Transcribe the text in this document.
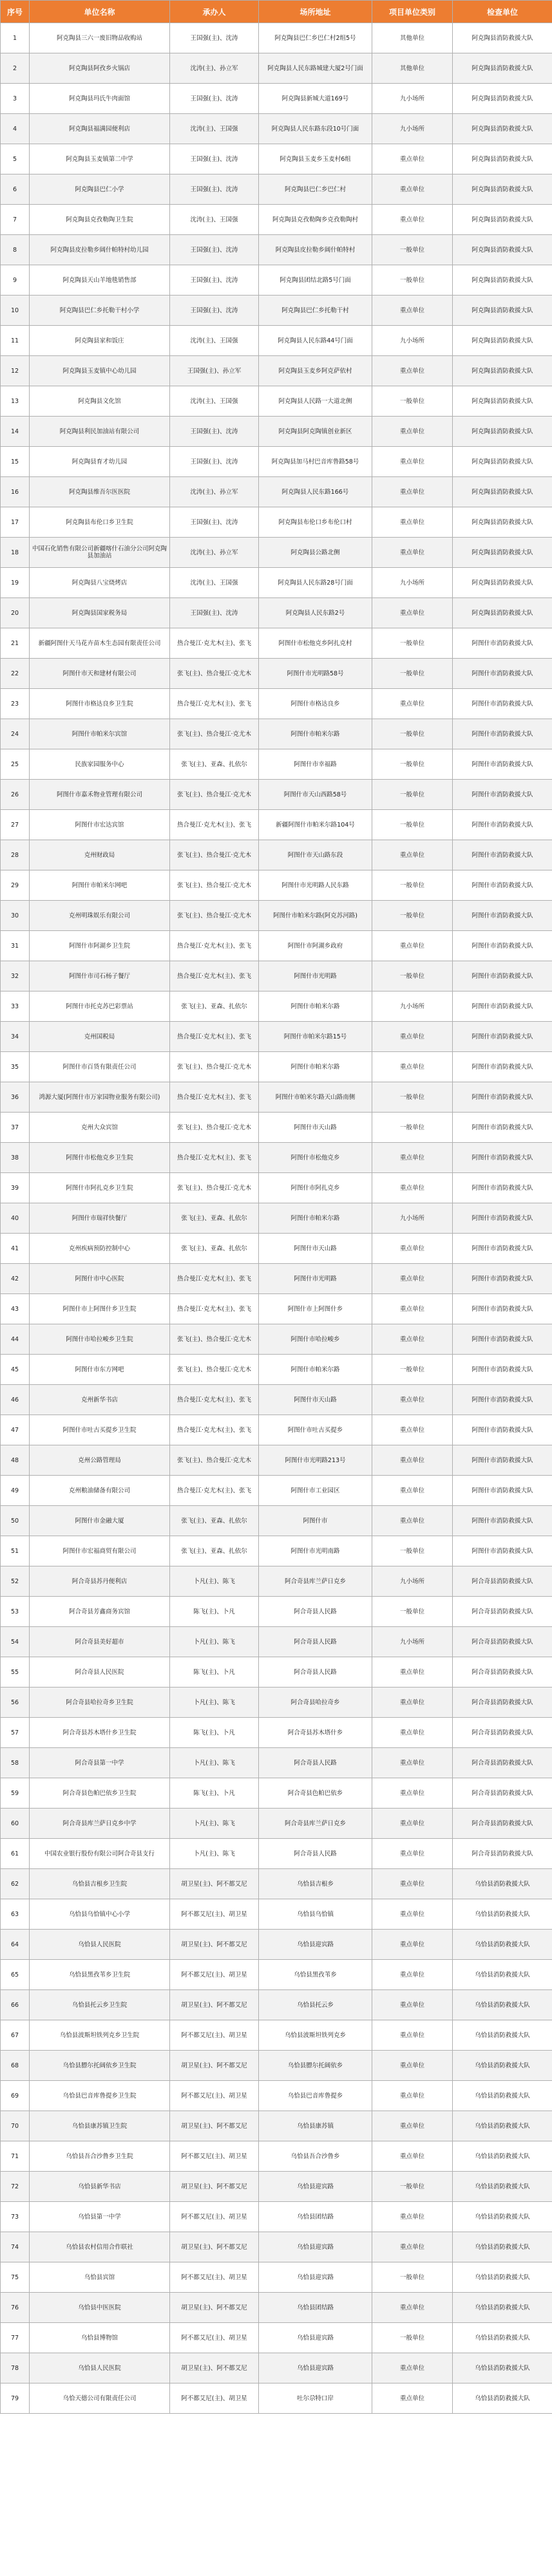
序号	单位名称	承办人	场所地址	项目单位类别	检查单位
1	阿克陶县三六一废旧物品收购站	王国强(主)、沈涛	阿克陶县巴仁乡巴仁村2组5号	其他单位	阿克陶县消防救援大队
2	阿克陶县阿孜乡火锅店	沈涛(主)、孙立军	阿克陶县人民东路城建大厦2号门面	其他单位	阿克陶县消防救援大队
3	阿克陶县玛氏牛肉面馆	王国强(主)、沈涛	阿克陶县新城大道169号	九小场所	阿克陶县消防救援大队
4	阿克陶县福满园便利店	沈涛(主)、王国强	阿克陶县人民东路东段10号门面	九小场所	阿克陶县消防救援大队
5	阿克陶县玉麦镇第二中学	王国强(主)、沈涛	阿克陶县玉麦乡玉麦村6组	重点单位	阿克陶县消防救援大队
6	阿克陶县巴仁小学	王国强(主)、沈涛	阿克陶县巴仁乡巴仁村	重点单位	阿克陶县消防救援大队
7	阿克陶县克孜勒陶卫生院	沈涛(主)、王国强	阿克陶县克孜勒陶乡克孜勒陶村	重点单位	阿克陶县消防救援大队
8	阿克陶县皮拉勒乡阔什帕特村幼儿园	王国强(主)、沈涛	阿克陶县皮拉勒乡阔什帕特村	一般单位	阿克陶县消防救援大队
9	阿克陶县天山羊地毯销售部	王国强(主)、沈涛	阿克陶县团结北路5号门面	一般单位	阿克陶县消防救援大队
10	阿克陶县巴仁乡托勒干村小学	王国强(主)、沈涛	阿克陶县巴仁乡托勒干村	重点单位	阿克陶县消防救援大队
11	阿克陶县家和饭庄	沈涛(主)、王国强	阿克陶县人民东路44号门面	九小场所	阿克陶县消防救援大队
12	阿克陶县玉麦镇中心幼儿园	王国强(主)、孙立军	阿克陶县玉麦乡阿克萨依村	重点单位	阿克陶县消防救援大队
13	阿克陶县文化馆	沈涛(主)、王国强	阿克陶县人民路一大道北侧	一般单位	阿克陶县消防救援大队
14	阿克陶县利民加油站有限公司	王国强(主)、沈涛	阿克陶县阿克陶镇创业新区	重点单位	阿克陶县消防救援大队
15	阿克陶县育才幼儿园	王国强(主)、沈涛	阿克陶县加马村巴音库鲁路58号	重点单位	阿克陶县消防救援大队
16	阿克陶县维吾尔医医院	沈涛(主)、孙立军	阿克陶县人民东路166号	重点单位	阿克陶县消防救援大队
17	阿克陶县布伦口乡卫生院	王国强(主)、沈涛	阿克陶县布伦口乡布伦口村	重点单位	阿克陶县消防救援大队
18	中国石化销售有限公司新疆喀什石油分公司阿克陶县加油站	沈涛(主)、孙立军	阿克陶县公路北侧	重点单位	阿克陶县消防救援大队
19	阿克陶县八宝烧烤店	沈涛(主)、王国强	阿克陶县人民东路28号门面	九小场所	阿克陶县消防救援大队
20	阿克陶县国家税务局	王国强(主)、沈涛	阿克陶县人民东路2号	重点单位	阿克陶县消防救援大队
21	新疆阿图什天马花卉苗木生态园有限责任公司	热合曼江·克尤木(主)、张飞	阿图什市松他克乡阿扎克村	一般单位	阿图什市消防救援大队
22	阿图什市天和建材有限公司	张飞(主)、热合曼江·克尤木	阿图什市光明路58号	一般单位	阿图什市消防救援大队
23	阿图什市格达良乡卫生院	热合曼江·克尤木(主)、张飞	阿图什市格达良乡	重点单位	阿图什市消防救援大队
24	阿图什市帕米尔宾馆	张飞(主)、热合曼江·克尤木	阿图什市帕米尔路	一般单位	阿图什市消防救援大队
25	民族家园服务中心	张飞(主)、亚森、扎依尔	阿图什市幸福路	一般单位	阿图什市消防救援大队
26	阿图什市嘉禾物业管理有限公司	张飞(主)、热合曼江·克尤木	阿图什市天山西路58号	一般单位	阿图什市消防救援大队
27	阿图什市宏达宾馆	热合曼江·克尤木(主)、张飞	新疆阿图什市帕米尔路104号	一般单位	阿图什市消防救援大队
28	克州财政局	张飞(主)、热合曼江·克尤木	阿图什市天山路东段	重点单位	阿图什市消防救援大队
29	阿图什市帕米尔网吧	张飞(主)、热合曼江·克尤木	阿图什市光明路人民东路	一般单位	阿图什市消防救援大队
30	克州明珠娱乐有限公司	张飞(主)、热合曼江·克尤木	阿图什市帕米尔路(阿克苏河路)	一般单位	阿图什市消防救援大队
31	阿图什市阿湖乡卫生院	热合曼江·克尤木(主)、张飞	阿图什市阿湖乡政府	重点单位	阿图什市消防救援大队
32	阿图什市司石杨子餐厅	热合曼江·克尤木(主)、张飞	阿图什市光明路	一般单位	阿图什市消防救援大队
33	阿图什市托克苏巴彩票站	张飞(主)、亚森、扎依尔	阿图什市帕米尔路	九小场所	阿图什市消防救援大队
34	克州国税局	热合曼江·克尤木(主)、张飞	阿图什市帕米尔路15号	重点单位	阿图什市消防救援大队
35	阿图什市百货有限责任公司	张飞(主)、热合曼江·克尤木	阿图什市帕米尔路	重点单位	阿图什市消防救援大队
36	鸿源大厦(阿图什市万家园物业服务有限公司)	热合曼江·克尤木(主)、张飞	阿图什市帕米尔路天山路南侧	一般单位	阿图什市消防救援大队
37	克州大众宾馆	张飞(主)、热合曼江·克尤木	阿图什市天山路	一般单位	阿图什市消防救援大队
38	阿图什市松他克乡卫生院	热合曼江·克尤木(主)、张飞	阿图什市松他克乡	重点单位	阿图什市消防救援大队
39	阿图什市阿扎克乡卫生院	张飞(主)、热合曼江·克尤木	阿图什市阿扎克乡	重点单位	阿图什市消防救援大队
40	阿图什市瑞祥快餐厅	张飞(主)、亚森、扎依尔	阿图什市帕米尔路	九小场所	阿图什市消防救援大队
41	克州疾病预防控制中心	张飞(主)、亚森、扎依尔	阿图什市天山路	重点单位	阿图什市消防救援大队
42	阿图什市中心医院	热合曼江·克尤木(主)、张飞	阿图什市光明路	重点单位	阿图什市消防救援大队
43	阿图什市上阿图什乡卫生院	热合曼江·克尤木(主)、张飞	阿图什市上阿图什乡	重点单位	阿图什市消防救援大队
44	阿图什市哈拉峻乡卫生院	张飞(主)、热合曼江·克尤木	阿图什市哈拉峻乡	重点单位	阿图什市消防救援大队
45	阿图什市东方网吧	张飞(主)、热合曼江·克尤木	阿图什市帕米尔路	一般单位	阿图什市消防救援大队
46	克州新华书店	热合曼江·克尤木(主)、张飞	阿图什市天山路	重点单位	阿图什市消防救援大队
47	阿图什市吐古买提乡卫生院	热合曼江·克尤木(主)、张飞	阿图什市吐古买提乡	重点单位	阿图什市消防救援大队
48	克州公路管理局	张飞(主)、热合曼江·克尤木	阿图什市光明路213号	重点单位	阿图什市消防救援大队
49	克州粮油储备有限公司	热合曼江·克尤木(主)、张飞	阿图什市工业园区	重点单位	阿图什市消防救援大队
50	阿图什市金融大厦	张飞(主)、亚森、扎依尔	阿图什市	重点单位	阿图什市消防救援大队
51	阿图什市宏福商贸有限公司	张飞(主)、亚森、扎依尔	阿图什市光明南路	一般单位	阿图什市消防救援大队
52	阿合奇县苏丹便利店	卜凡(主)、陈飞	阿合奇县库兰萨日克乡	九小场所	阿合奇县消防救援大队
53	阿合奇县芳鑫商务宾馆	陈飞(主)、卜凡	阿合奇县人民路	一般单位	阿合奇县消防救援大队
54	阿合奇县美好超市	卜凡(主)、陈飞	阿合奇县人民路	九小场所	阿合奇县消防救援大队
55	阿合奇县人民医院	陈飞(主)、卜凡	阿合奇县人民路	重点单位	阿合奇县消防救援大队
56	阿合奇县哈拉奇乡卫生院	卜凡(主)、陈飞	阿合奇县哈拉奇乡	重点单位	阿合奇县消防救援大队
57	阿合奇县苏木塔什乡卫生院	陈飞(主)、卜凡	阿合奇县苏木塔什乡	重点单位	阿合奇县消防救援大队
58	阿合奇县第一中学	卜凡(主)、陈飞	阿合奇县人民路	重点单位	阿合奇县消防救援大队
59	阿合奇县色帕巴依乡卫生院	陈飞(主)、卜凡	阿合奇县色帕巴依乡	重点单位	阿合奇县消防救援大队
60	阿合奇县库兰萨日克乡中学	卜凡(主)、陈飞	阿合奇县库兰萨日克乡	重点单位	阿合奇县消防救援大队
61	中国农业银行股份有限公司阿合奇县支行	卜凡(主)、陈飞	阿合奇县人民路	重点单位	阿合奇县消防救援大队
62	乌恰县吉根乡卫生院	胡卫星(主)、阿不都艾尼	乌恰县吉根乡	重点单位	乌恰县消防救援大队
63	乌恰县乌恰镇中心小学	阿不都艾尼(主)、胡卫星	乌恰县乌恰镇	重点单位	乌恰县消防救援大队
64	乌恰县人民医院	胡卫星(主)、阿不都艾尼	乌恰县迎宾路	重点单位	乌恰县消防救援大队
65	乌恰县黑孜苇乡卫生院	阿不都艾尼(主)、胡卫星	乌恰县黑孜苇乡	重点单位	乌恰县消防救援大队
66	乌恰县托云乡卫生院	胡卫星(主)、阿不都艾尼	乌恰县托云乡	重点单位	乌恰县消防救援大队
67	乌恰县波斯坦铁列克乡卫生院	阿不都艾尼(主)、胡卫星	乌恰县波斯坦铁列克乡	重点单位	乌恰县消防救援大队
68	乌恰县膘尔托阔依乡卫生院	胡卫星(主)、阿不都艾尼	乌恰县膘尔托阔依乡	重点单位	乌恰县消防救援大队
69	乌恰县巴音库鲁提乡卫生院	阿不都艾尼(主)、胡卫星	乌恰县巴音库鲁提乡	重点单位	乌恰县消防救援大队
70	乌恰县康苏镇卫生院	胡卫星(主)、阿不都艾尼	乌恰县康苏镇	重点单位	乌恰县消防救援大队
71	乌恰县吾合沙鲁乡卫生院	阿不都艾尼(主)、胡卫星	乌恰县吾合沙鲁乡	重点单位	乌恰县消防救援大队
72	乌恰县新华书店	胡卫星(主)、阿不都艾尼	乌恰县迎宾路	一般单位	乌恰县消防救援大队
73	乌恰县第一中学	阿不都艾尼(主)、胡卫星	乌恰县团结路	重点单位	乌恰县消防救援大队
74	乌恰县农村信用合作联社	胡卫星(主)、阿不都艾尼	乌恰县迎宾路	重点单位	乌恰县消防救援大队
75	乌恰县宾馆	阿不都艾尼(主)、胡卫星	乌恰县迎宾路	一般单位	乌恰县消防救援大队
76	乌恰县中医医院	胡卫星(主)、阿不都艾尼	乌恰县团结路	重点单位	乌恰县消防救援大队
77	乌恰县博物馆	阿不都艾尼(主)、胡卫星	乌恰县迎宾路	一般单位	乌恰县消防救援大队
78	乌恰县人民医院	胡卫星(主)、阿不都艾尼	乌恰县迎宾路	重点单位	乌恰县消防救援大队
79	乌恰天德公司有限责任公司	阿不都艾尼(主)、胡卫星	吐尔尕特口岸	重点单位	乌恰县消防救援大队
